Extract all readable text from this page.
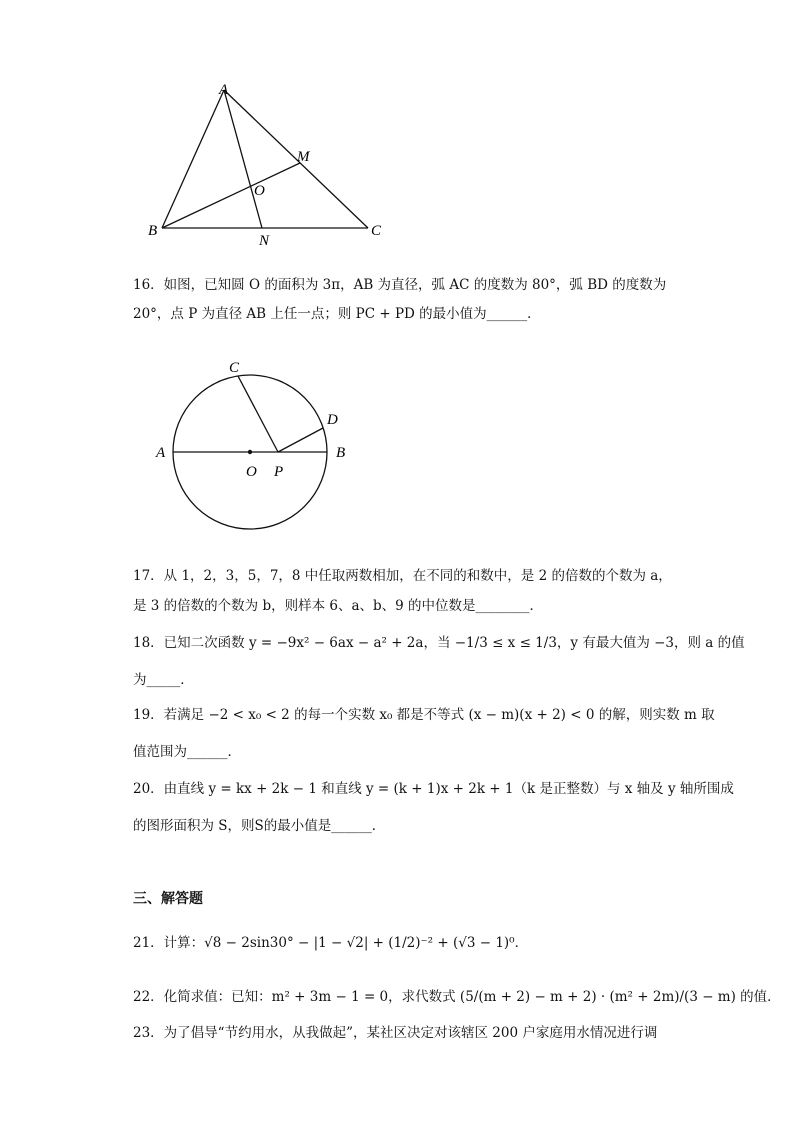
A
B	C
M
N
O
16．如图，已知圆 O 的面积为 3π，AB 为直径，弧 AC 的度数为 80°，弧 BD 的度数为
20°，点 P 为直径 AB 上任一点；则 PC + PD 的最小值为______．
C
D
A	B
O P
17．从 1，2，3，5，7，8 中任取两数相加，在不同的和数中，是 2 的倍数的个数为 a，
是 3 的倍数的个数为 b，则样本 6、a、b、9 的中位数是________．
18．已知二次函数 y = −9x² − 6ax − a² + 2a，当 −1/3 ≤ x ≤ 1/3，y 有最大值为 −3，则 a 的值
为_____．
19．若满足 −2 < x₀ < 2 的每一个实数 x₀ 都是不等式 (x − m)(x + 2) < 0 的解，则实数 m 取
值范围为______．
20．由直线 y = kx + 2k − 1 和直线 y = (k + 1)x + 2k + 1（k 是正整数）与 x 轴及 y 轴所围成
的图形面积为 S，则S的最小值是______．
三、解答题
21．计算：√8 − 2sin30° − |1 − √2| + (1/2)⁻² + (√3 − 1)⁰．
22．化简求值：已知：m² + 3m − 1 = 0，求代数式 (5/(m + 2) − m + 2) · (m² + 2m)/(3 − m) 的值．
23．为了倡导“节约用水，从我做起”，某社区决定对该辖区 200 户家庭用水情况进行调
